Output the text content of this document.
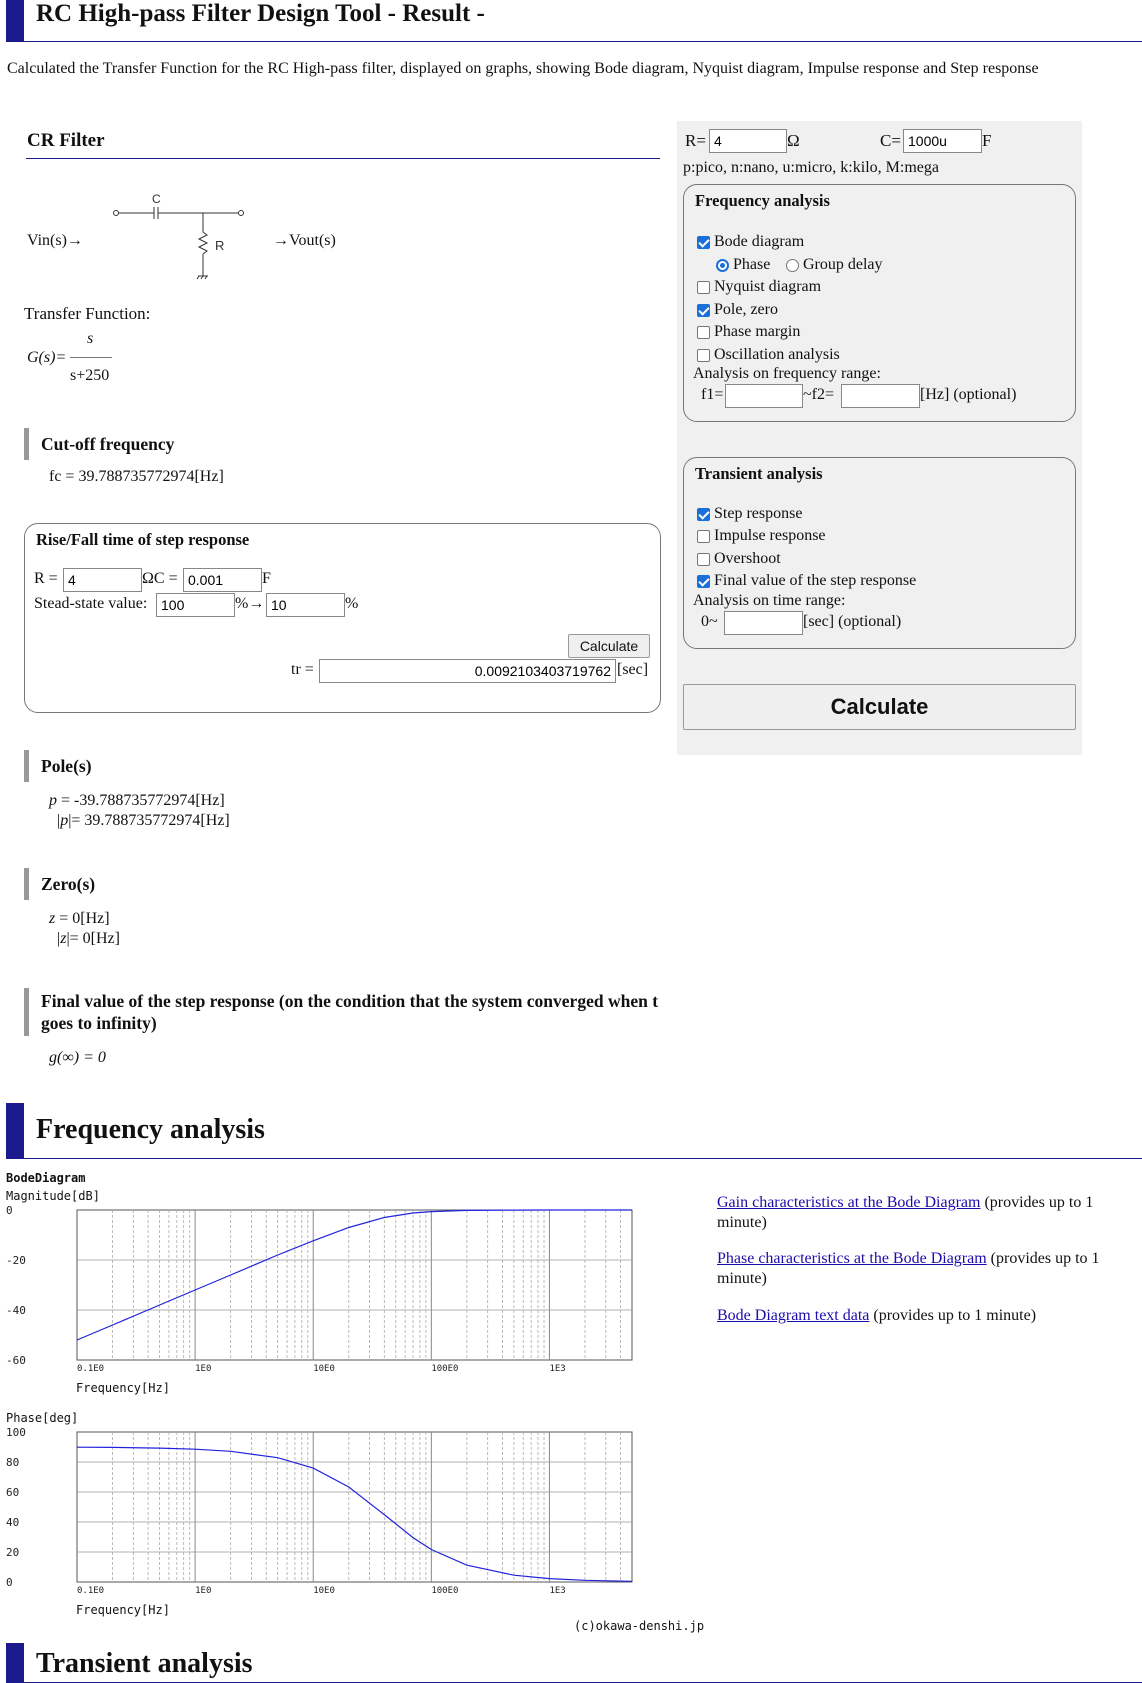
RC High-pass Filter Design Tool - Result -
Calculated the Transfer Function for the RC High-pass filter, displayed on graphs, showing Bode diagram, Nyquist diagram, Impulse response and Step response
CR Filter
C
R
Vin(s)→	→Vout(s)
Transfer Function:
G(s)=
s
s+250
Cut-off frequency
fc = 39.788735772974[Hz]
Rise/Fall time of step response
R =
4	ΩC =
0.001	F
Stead-state value:
100	%→
10	%
Calculate
tr =
0.0092103403719762	[sec]
Pole(s)
p = -39.788735772974[Hz]
|p|= 39.788735772974[Hz]
Zero(s)
z = 0[Hz]
|z|= 0[Hz]
Final value of the step response (on the condition that the system converged when t goes to infinity)
g(∞) = 0
R=
4	Ω	C=
1000u	F
p:pico, n:nano, u:micro, k:kilo, M:mega
Frequency analysis
Bode diagram
Phase Group delay
Nyquist diagram
Pole, zero
Phase margin
Oscillation analysis
Analysis on frequency range:
f1=	~f2=	[Hz] (optional)
Transient analysis
Step response
Impulse response
Overshoot
Final value of the step response
Analysis on time range:
0~	[sec] (optional)
Calculate
Frequency analysis
BodeDiagram
Magnitude[dB]
0
-20
-40
-60
0.1E0	1E0	10E0	100E0	1E3
Frequency[Hz]
Phase[deg]
100
80
60
40
20
0
0.1E0	1E0	10E0	100E0	1E3
Frequency[Hz]
(c)okawa-denshi.jp
Gain characteristics at the Bode Diagram (provides up to 1 minute)
Phase characteristics at the Bode Diagram (provides up to 1 minute)
Bode Diagram text data (provides up to 1 minute)
Transient analysis
